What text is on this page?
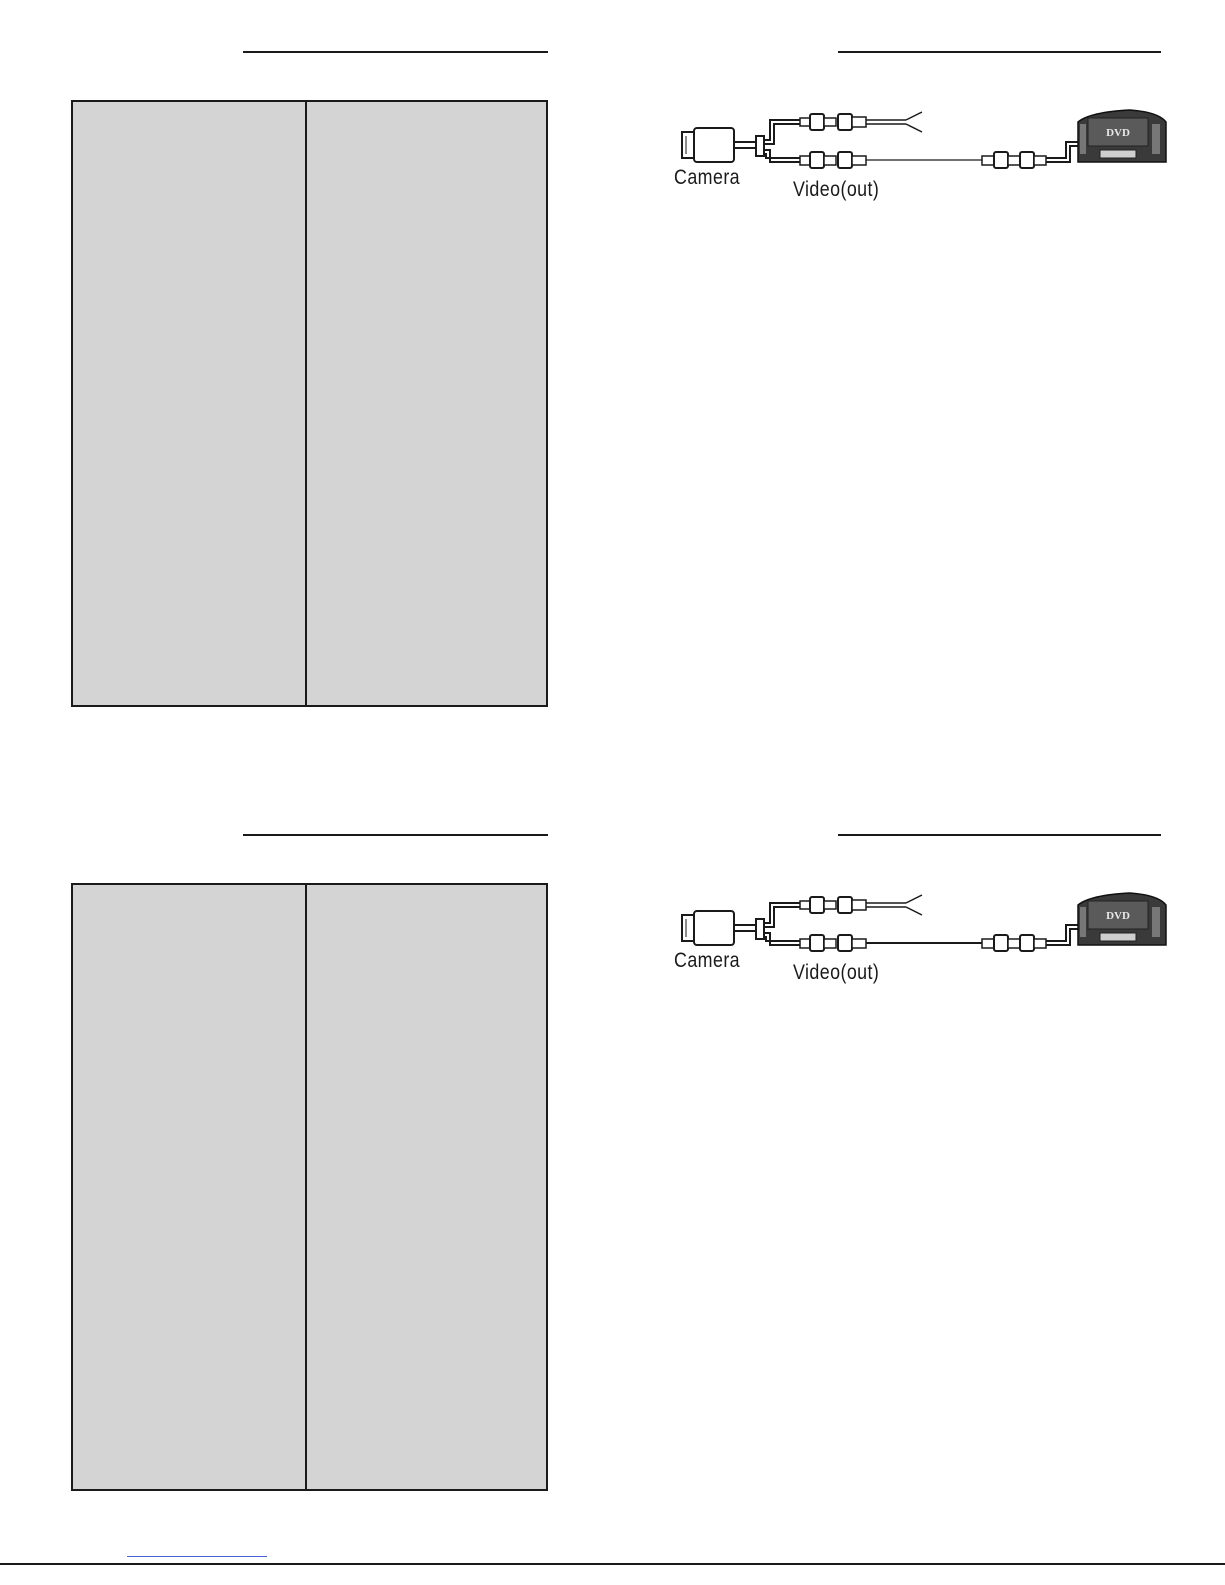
DVD
Camera
Video(out)
DVD
Camera
Video(out)
